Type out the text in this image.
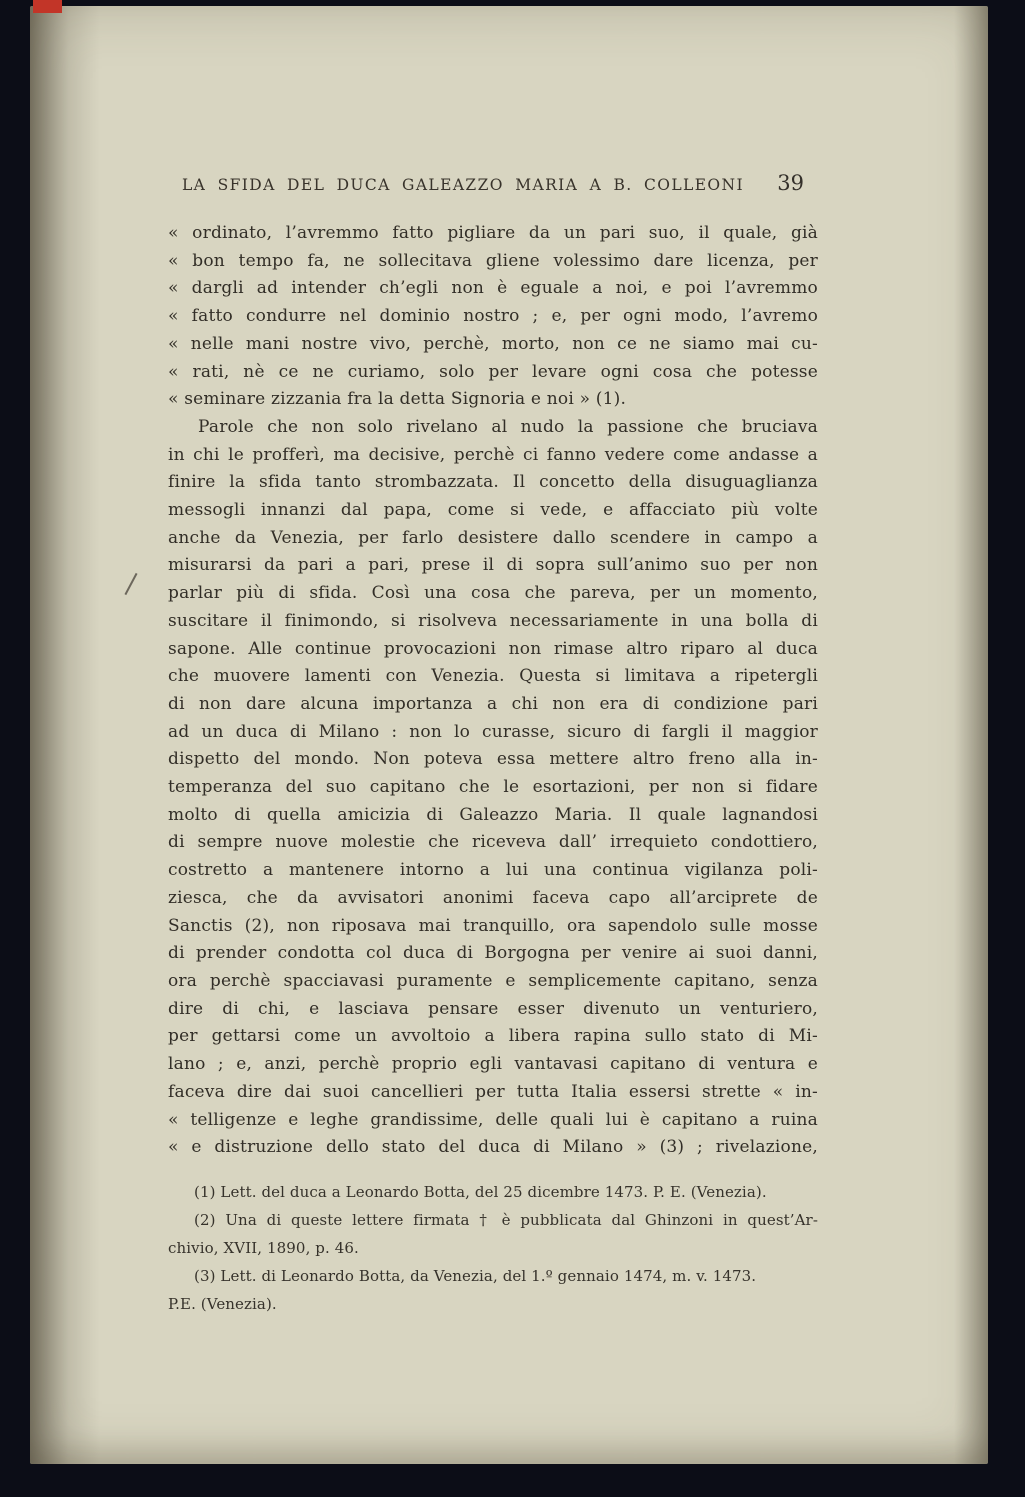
LA SFIDA DEL DUCA GALEAZZO MARIA A B. COLLEONI	39
« ordinato, l’avremmo fatto pigliare da un pari suo, il quale, già
« bon tempo fa, ne sollecitava gliene volessimo dare licenza, per
« dargli ad intender ch’egli non è eguale a noi, e poi l’avremmo
« fatto condurre nel dominio nostro ; e, per ogni modo, l’avremo
« nelle mani nostre vivo, perchè, morto, non ce ne siamo mai cu-
« rati, nè ce ne curiamo, solo per levare ogni cosa che potesse
« seminare zizzania fra la detta Signoria e noi » (1).
Parole che non solo rivelano al nudo la passione che bruciava
in chi le profferì, ma decisive, perchè ci fanno vedere come andasse a
finire la sfida tanto strombazzata. Il concetto della disuguaglianza
messogli innanzi dal papa, come si vede, e affacciato più volte
anche da Venezia, per farlo desistere dallo scendere in campo a
misurarsi da pari a pari, prese il di sopra sull’animo suo per non
parlar più di sfida. Così una cosa che pareva, per un momento,
suscitare il finimondo, si risolveva necessariamente in una bolla di
sapone. Alle continue provocazioni non rimase altro riparo al duca
che muovere lamenti con Venezia. Questa si limitava a ripetergli
di non dare alcuna importanza a chi non era di condizione pari
ad un duca di Milano : non lo curasse, sicuro di fargli il maggior
dispetto del mondo. Non poteva essa mettere altro freno alla in-
temperanza del suo capitano che le esortazioni, per non si fidare
molto di quella amicizia di Galeazzo Maria. Il quale lagnandosi
di sempre nuove molestie che riceveva dall’ irrequieto condottiero,
costretto a mantenere intorno a lui una continua vigilanza poli-
ziesca, che da avvisatori anonimi faceva capo all’arciprete de
Sanctis (2), non riposava mai tranquillo, ora sapendolo sulle mosse
di prender condotta col duca di Borgogna per venire ai suoi danni,
ora perchè spacciavasi puramente e semplicemente capitano, senza
dire di chi, e lasciava pensare esser divenuto un venturiero,
per gettarsi come un avvoltoio a libera rapina sullo stato di Mi-
lano ; e, anzi, perchè proprio egli vantavasi capitano di ventura e
faceva dire dai suoi cancellieri per tutta Italia essersi strette « in-
« telligenze e leghe grandissime, delle quali lui è capitano a ruina
« e distruzione dello stato del duca di Milano » (3) ; rivelazione,
(1) Lett. del duca a Leonardo Botta, del 25 dicembre 1473. P. E. (Venezia).
(2) Una di queste lettere firmata † è pubblicata dal Ghinzoni in quest’Ar-
chivio, XVII, 1890, p. 46.
(3) Lett. di Leonardo Botta, da Venezia, del 1.º gennaio 1474, m. v. 1473.
P.E. (Venezia).
